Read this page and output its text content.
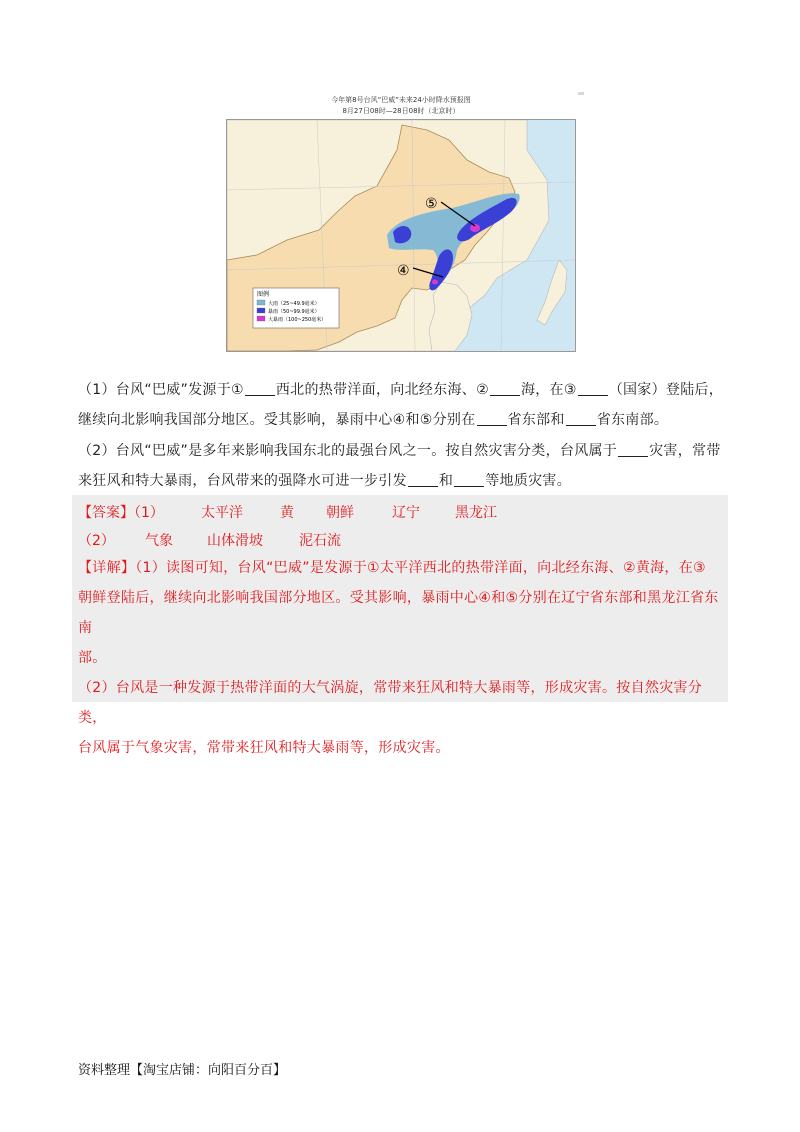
今年第8号台风“巴威”未来24小时降水预报图
8月27日08时—28日08时（北京时）
⑤
④
图例
大雨（25~49.9毫米）
暴雨（50~99.9毫米）
大暴雨（100~250毫米）
（1）台风“巴威”发源于① 西北的热带洋面，向北经东海、② 海，在③ （国家）登陆后，
继续向北影响我国部分地区。受其影响，暴雨中心④和⑤分别在 省东部和 省东南部。
（2）台风“巴威”是多年来影响我国东北的最强台风之一。按自然灾害分类，台风属于 灾害，常带
来狂风和特大暴雨，台风带来的强降水可进一步引发 和 等地质灾害。
【答案】（1）	太平洋	黄 朝鲜	辽宁	黑龙江
（2） 气象 山体滑坡	泥石流
【详解】（1）读图可知，台风“巴威”是发源于①太平洋西北的热带洋面，向北经东海、②黄海，在③
朝鲜登陆后，继续向北影响我国部分地区。受其影响，暴雨中心④和⑤分别在辽宁省东部和黑龙江省东南
部。
（2）台风是一种发源于热带洋面的大气涡旋，常带来狂风和特大暴雨等，形成灾害。按自然灾害分类，
台风属于气象灾害，常带来狂风和特大暴雨等，形成灾害。
资料整理【淘宝店铺：向阳百分百】
